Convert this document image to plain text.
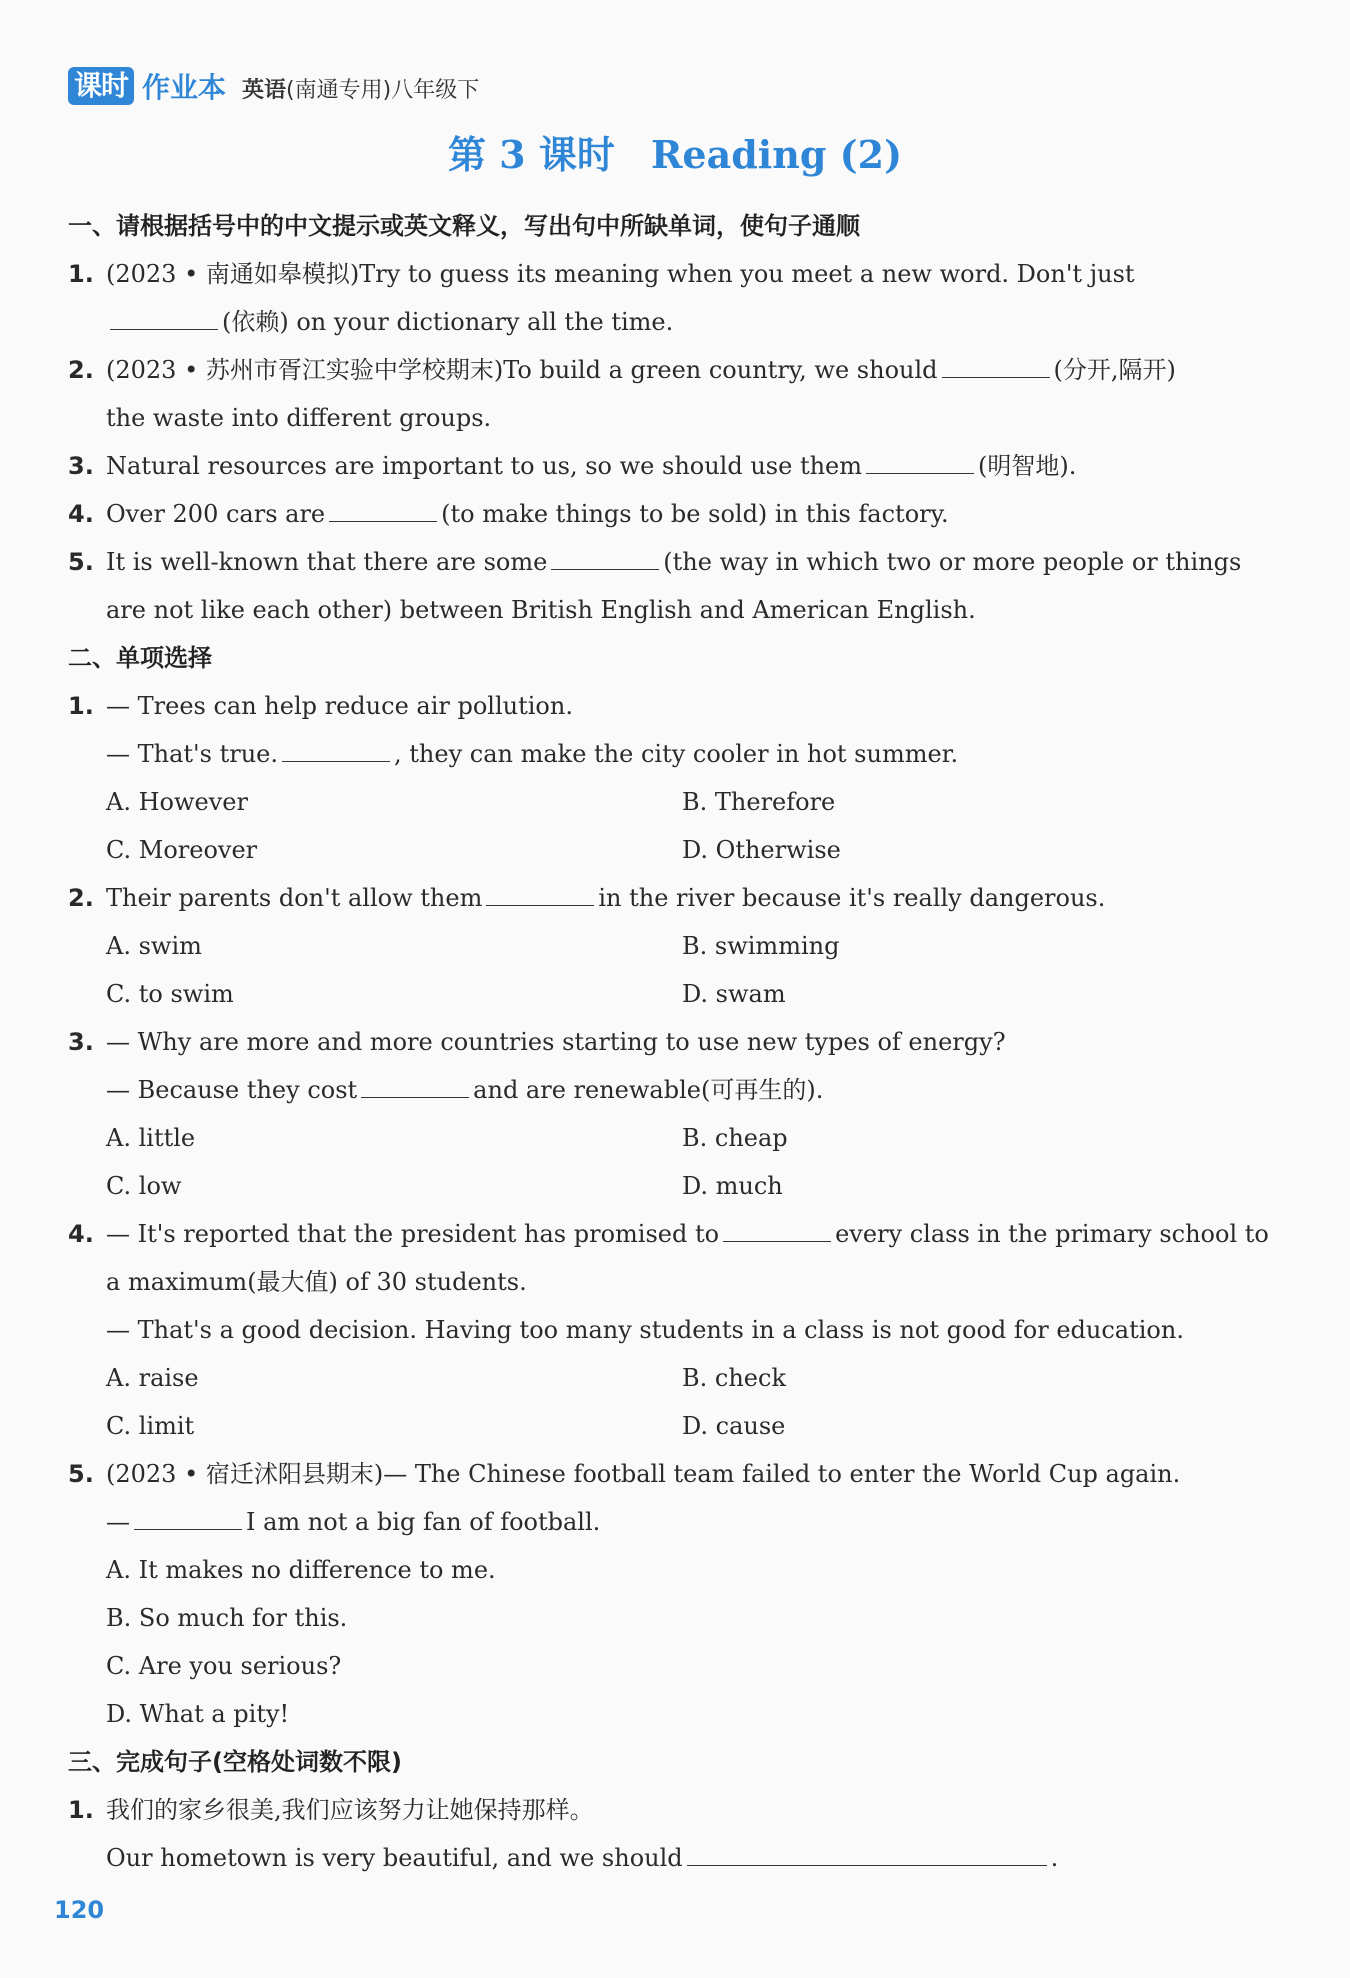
课时 作业本 英语(南通专用)八年级下
第 3 课时 Reading (2)
一、请根据括号中的中文提示或英文释义，写出句中所缺单词，使句子通顺
1. (2023 • 南通如皋模拟)Try to guess its meaning when you meet a new word. Don't just
(依赖) on your dictionary all the time.
2. (2023 • 苏州市胥江实验中学校期末)To build a green country, we should	(分开,隔开)
the waste into different groups.
3. Natural resources are important to us, so we should use them	(明智地).
4. Over 200 cars are	(to make things to be sold) in this factory.
5. It is well-known that there are some	(the way in which two or more people or things
are not like each other) between British English and American English.
二、单项选择
1. — Trees can help reduce air pollution.
— That's true.	, they can make the city cooler in hot summer.
A. However	B. Therefore
C. Moreover	D. Otherwise
2. Their parents don't allow them	in the river because it's really dangerous.
A. swim	B. swimming
C. to swim	D. swam
3. — Why are more and more countries starting to use new types of energy?
— Because they cost	and are renewable(可再生的).
A. little	B. cheap
C. low	D. much
4. — It's reported that the president has promised to	every class in the primary school to
a maximum(最大值) of 30 students.
— That's a good decision. Having too many students in a class is not good for education.
A. raise	B. check
C. limit	D. cause
5. (2023 • 宿迁沭阳县期末)— The Chinese football team failed to enter the World Cup again.
—	I am not a big fan of football.
A. It makes no difference to me.
B. So much for this.
C. Are you serious?
D. What a pity!
三、完成句子(空格处词数不限)
1. 我们的家乡很美,我们应该努力让她保持那样。
Our hometown is very beautiful, and we should	.
120
